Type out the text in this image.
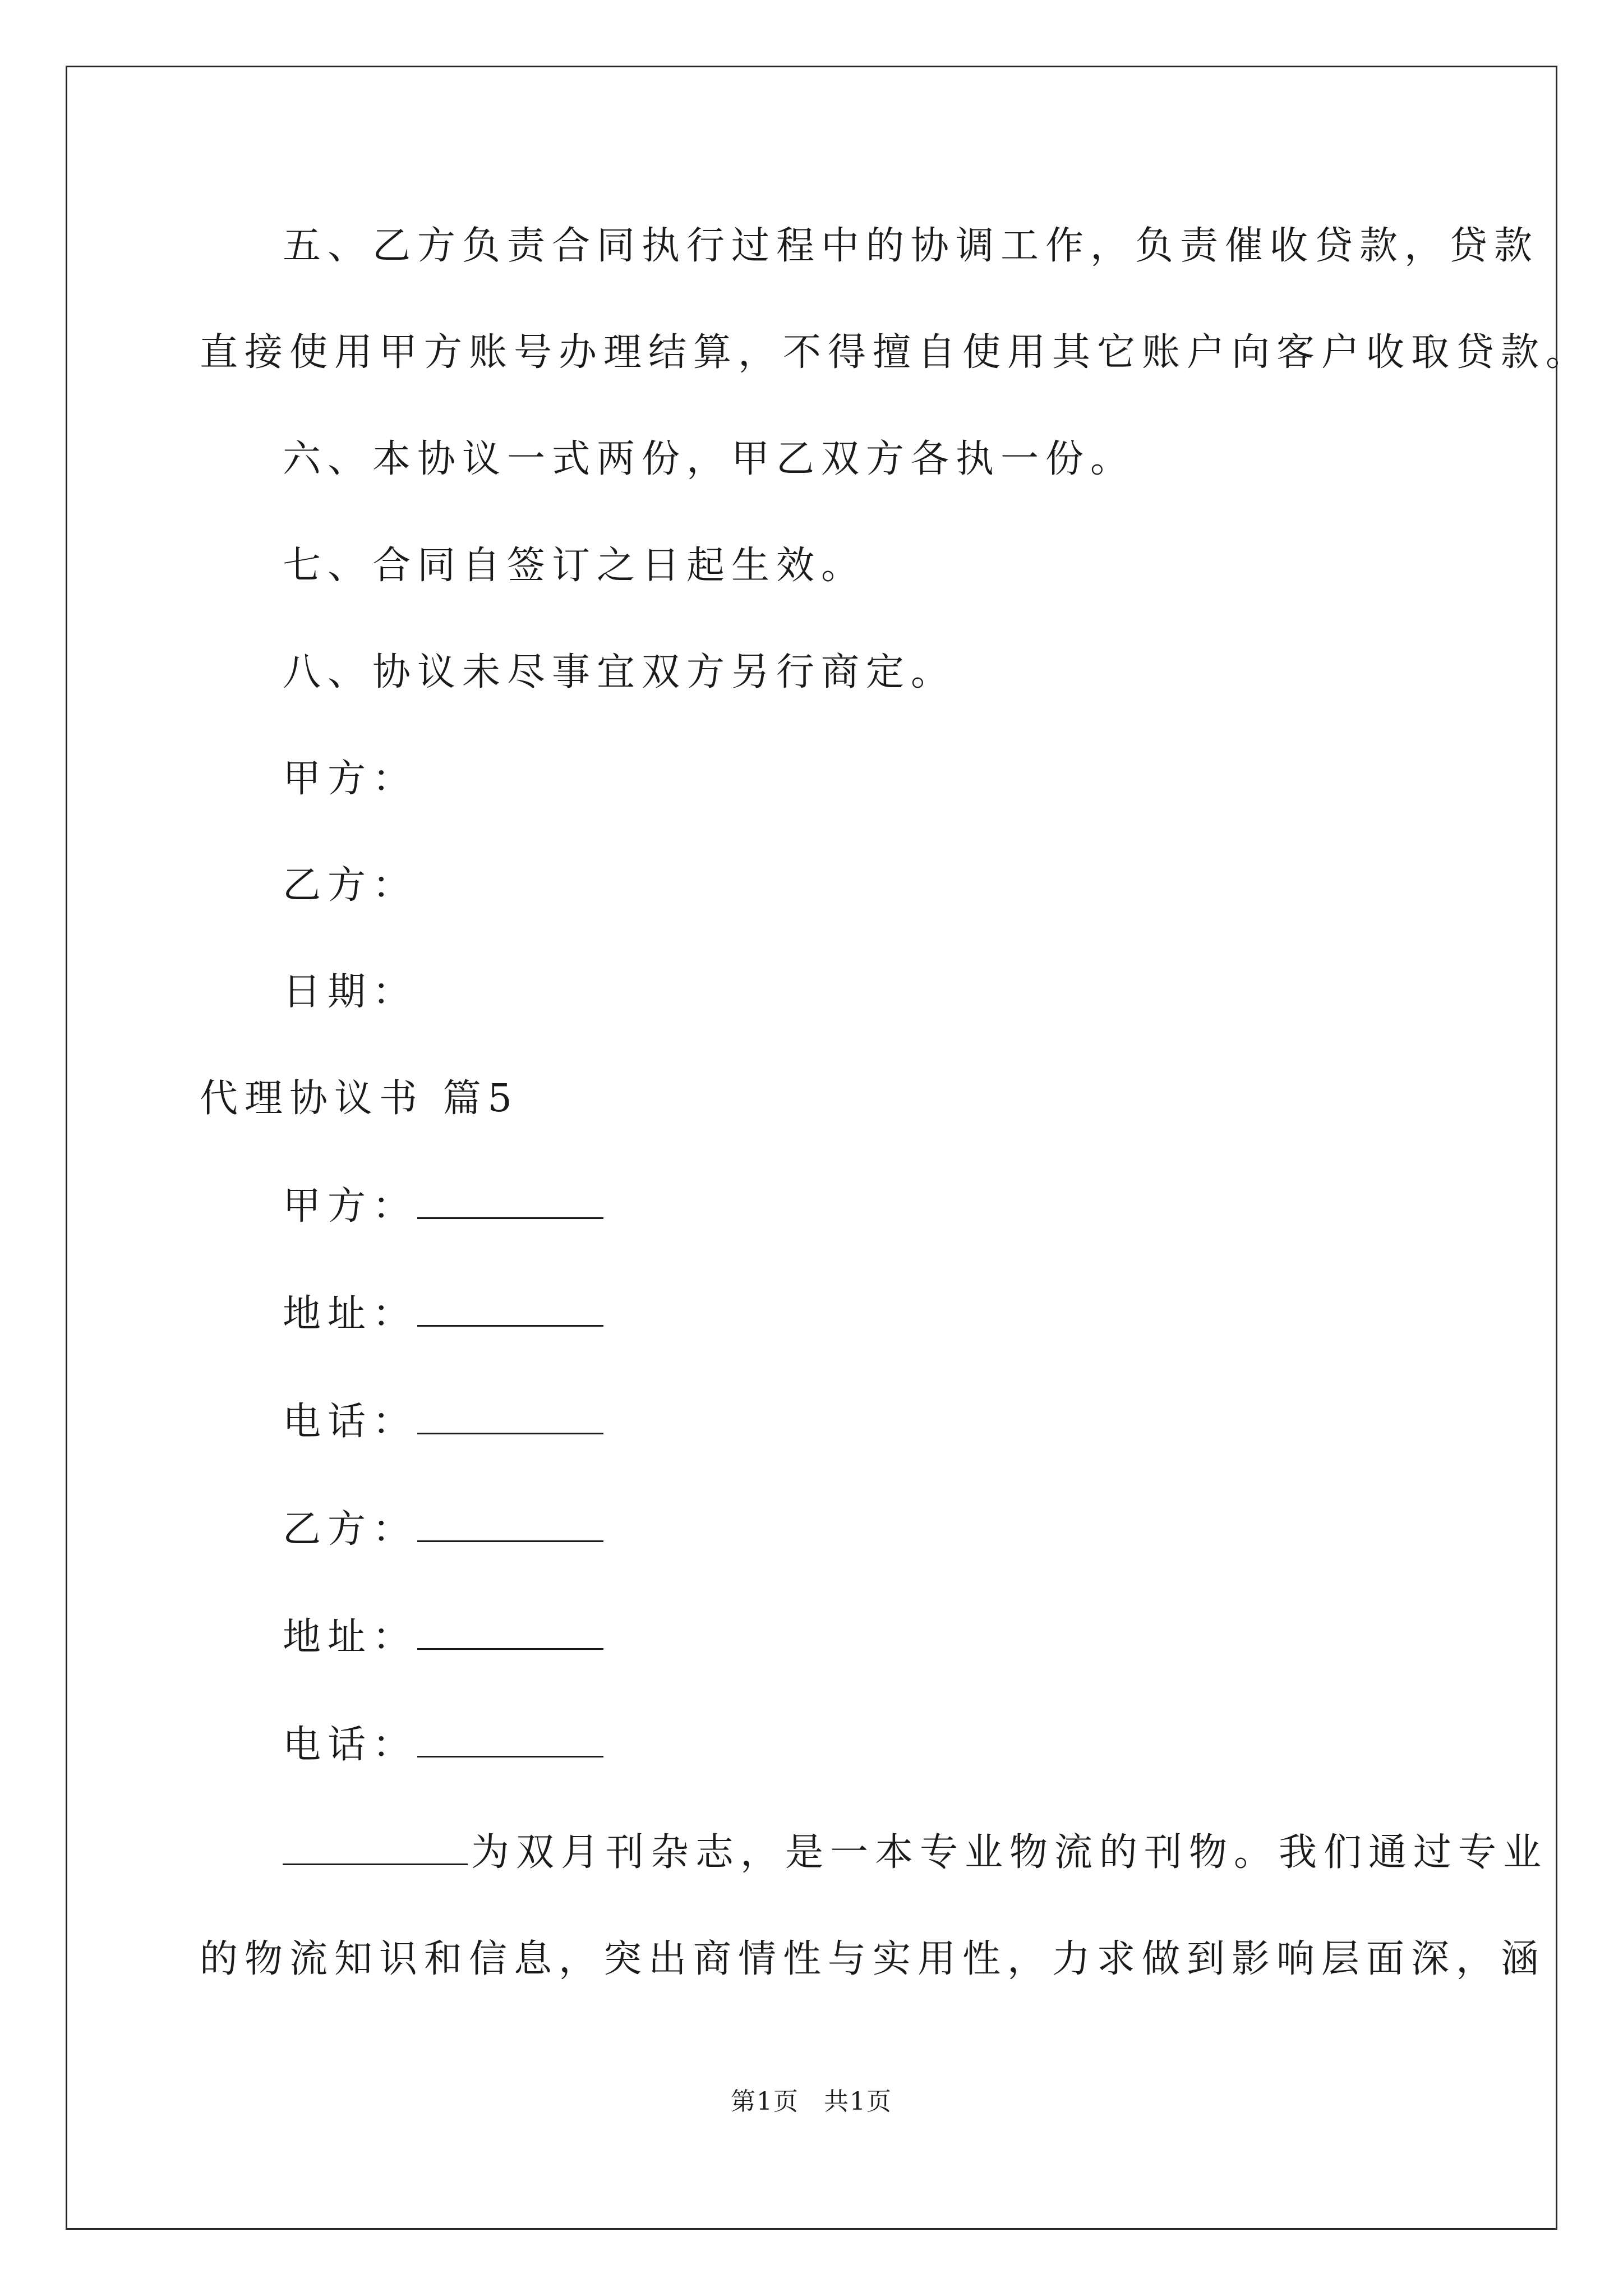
五、乙方负责合同执行过程中的协调工作，负责催收贷款，贷款

直接使用甲方账号办理结算，不得擅自使用其它账户向客户收取贷款。

六、本协议一式两份，甲乙双方各执一份。

七、合同自签订之日起生效。

八、协议未尽事宜双方另行商定。

甲方：

乙方：

日期：

代理协议书 篇5

甲方：

地址：

电话：

乙方：

地址：

电话：

为双月刊杂志，是一本专业物流的刊物。我们通过专业

的物流知识和信息，突出商情性与实用性，力求做到影响层面深，涵

第1页 共1页
